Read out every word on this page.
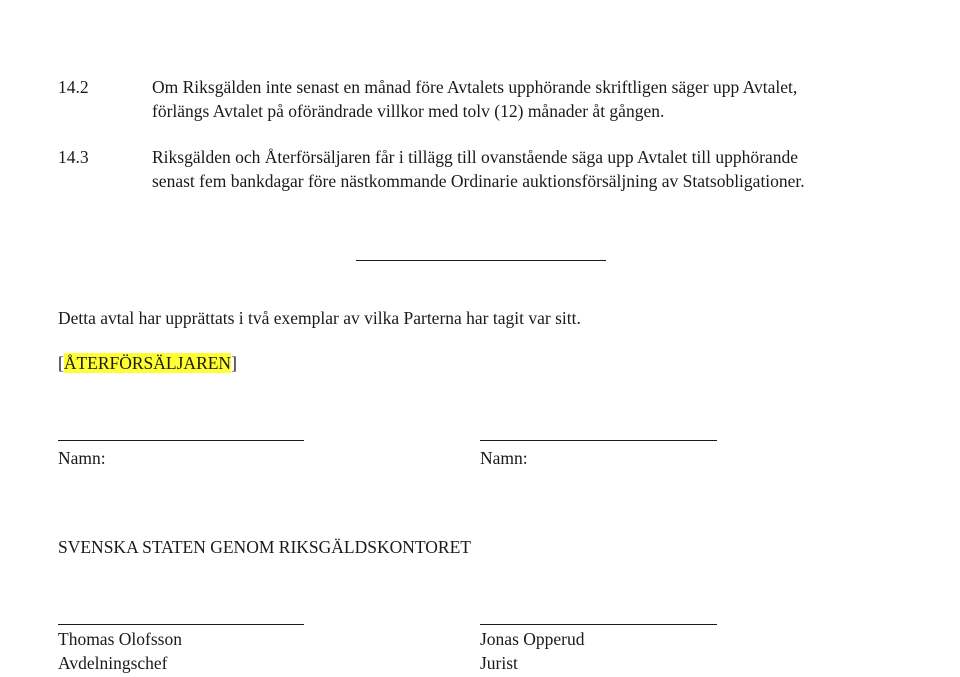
14.2	Om Riksgälden inte senast en månad före Avtalets upphörande skriftligen säger upp Avtalet,
förlängs Avtalet på oförändrade villkor med tolv (12) månader åt gången.
14.3	Riksgälden och Återförsäljaren får i tillägg till ovanstående säga upp Avtalet till upphörande
senast fem bankdagar före nästkommande Ordinarie auktionsförsäljning av Statsobligationer.
Detta avtal har upprättats i två exemplar av vilka Parterna har tagit var sitt.
[ÅTERFÖRSÄLJAREN]
Namn:	Namn:
SVENSKA STATEN GENOM RIKSGÄLDSKONTORET
Thomas Olofsson
Avdelningschef
Jonas Opperud
Jurist
